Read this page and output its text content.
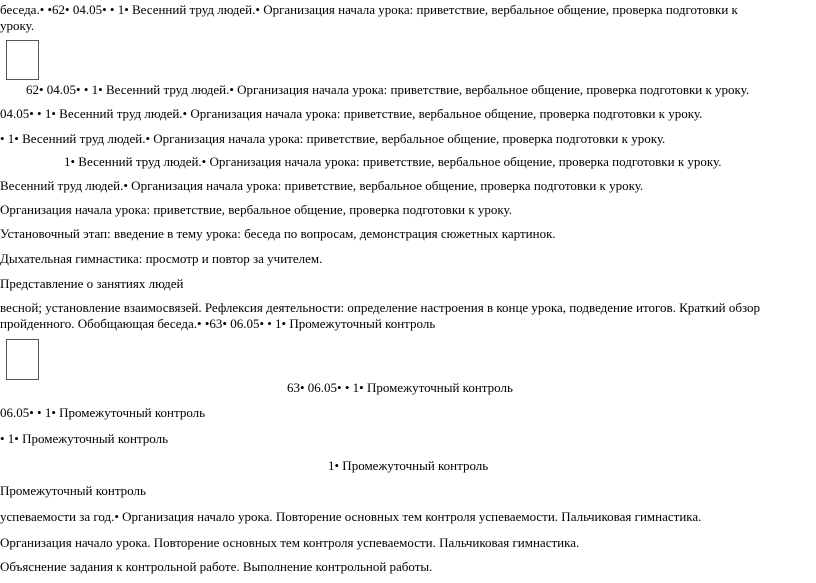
беседа.• •62• 04.05• • 1• Весенний труд людей.• Организация начала урока: приветствие, вербальное общение, проверка подготовки к
уроку.
62• 04.05• • 1• Весенний труд людей.• Организация начала урока: приветствие, вербальное общение, проверка подготовки к уроку.
04.05• • 1• Весенний труд людей.• Организация начала урока: приветствие, вербальное общение, проверка подготовки к уроку.
• 1• Весенний труд людей.• Организация начала урока: приветствие, вербальное общение, проверка подготовки к уроку.
1• Весенний труд людей.• Организация начала урока: приветствие, вербальное общение, проверка подготовки к уроку.
Весенний труд людей.• Организация начала урока: приветствие, вербальное общение, проверка подготовки к уроку.
Организация начала урока: приветствие, вербальное общение, проверка подготовки к уроку.
Установочный этап: введение в тему урока: беседа по вопросам, демонстрация сюжетных картинок.
Дыхательная гимнастика: просмотр и повтор за учителем.
Представление о занятиях людей
весной; установление взаимосвязей. Рефлексия деятельности: определение настроения в конце урока, подведение итогов. Краткий обзор
пройденного. Обобщающая беседа.• •63• 06.05• • 1• Промежуточный контроль
63• 06.05• • 1• Промежуточный контроль
06.05• • 1• Промежуточный контроль
• 1• Промежуточный контроль
1• Промежуточный контроль
Промежуточный контроль
успеваемости за год.• Организация начало урока. Повторение основных тем контроля успеваемости. Пальчиковая гимнастика.
Организация начало урока. Повторение основных тем контроля успеваемости. Пальчиковая гимнастика.
Объяснение задания к контрольной работе. Выполнение контрольной работы.
